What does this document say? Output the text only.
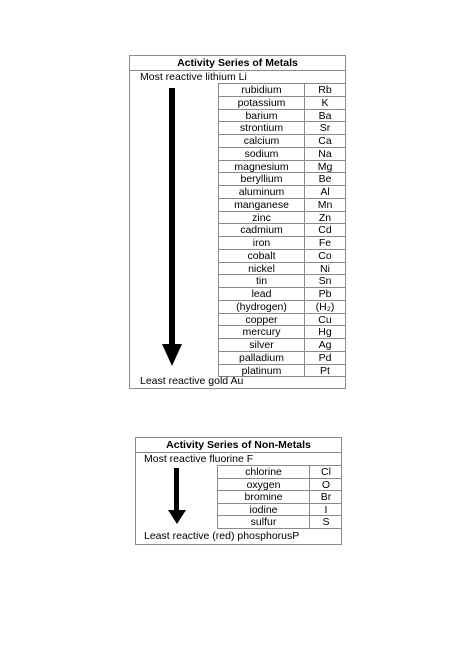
Activity Series of Metals
Most reactive lithium Li
rubidium	Rb
potassium	K
barium	Ba
strontium	Sr
calcium	Ca
sodium	Na
magnesium	Mg
beryllium	Be
aluminum	Al
manganese	Mn
zinc	Zn
cadmium	Cd
iron	Fe
cobalt	Co
nickel	Ni
tin	Sn
lead	Pb
(hydrogen)	(H₂)
copper	Cu
mercury	Hg
silver	Ag
palladium	Pd
platinum	Pt
Least reactive gold Au
Activity Series of Non-Metals
Most reactive fluorine F
chlorine	Cl
oxygen	O
bromine	Br
iodine	I
sulfur	S
Least reactive (red) phosphorusP
